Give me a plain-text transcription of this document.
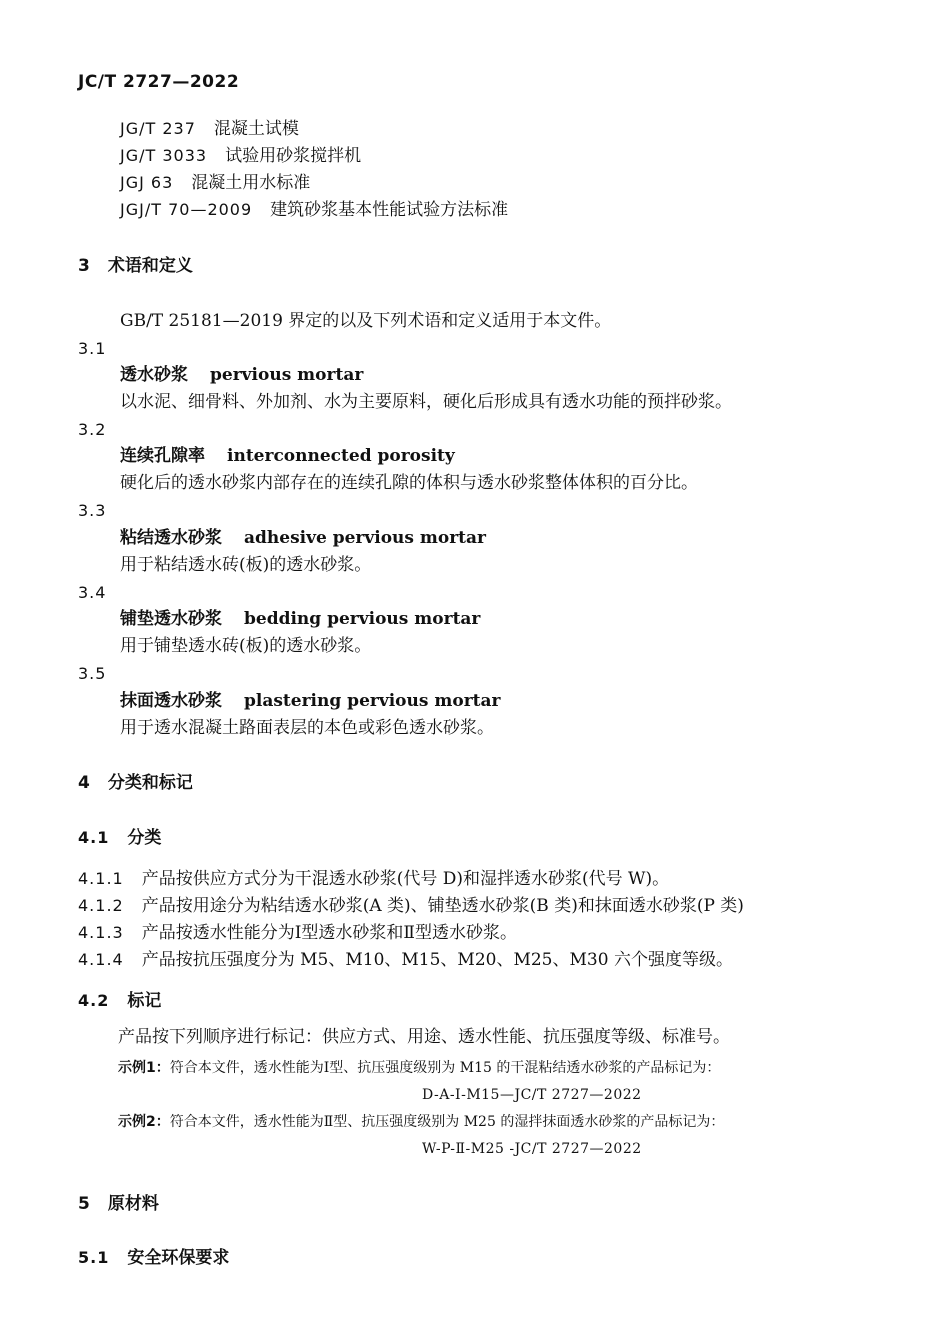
JC/T 2727—2022
JG/T 237 混凝土试模
JG/T 3033 试验用砂浆搅拌机
JGJ 63 混凝土用水标准
JGJ/T 70—2009 建筑砂浆基本性能试验方法标准
3 术语和定义
GB/T 25181—2019 界定的以及下列术语和定义适用于本文件。
3.1
透水砂浆 pervious mortar
以水泥、细骨料、外加剂、水为主要原料，硬化后形成具有透水功能的预拌砂浆。
3.2
连续孔隙率 interconnected porosity
硬化后的透水砂浆内部存在的连续孔隙的体积与透水砂浆整体体积的百分比。
3.3
粘结透水砂浆 adhesive pervious mortar
用于粘结透水砖(板)的透水砂浆。
3.4
铺垫透水砂浆 bedding pervious mortar
用于铺垫透水砖(板)的透水砂浆。
3.5
抹面透水砂浆 plastering pervious mortar
用于透水混凝土路面表层的本色或彩色透水砂浆。
4 分类和标记
4.1 分类
4.1.1 产品按供应方式分为干混透水砂浆(代号 D)和湿拌透水砂浆(代号 W)。
4.1.2 产品按用途分为粘结透水砂浆(A 类)、铺垫透水砂浆(B 类)和抹面透水砂浆(P 类)
4.1.3 产品按透水性能分为Ⅰ型透水砂浆和Ⅱ型透水砂浆。
4.1.4 产品按抗压强度分为 M5、M10、M15、M20、M25、M30 六个强度等级。
4.2 标记
产品按下列顺序进行标记：供应方式、用途、透水性能、抗压强度等级、标准号。
示例1：符合本文件，透水性能为Ⅰ型、抗压强度级别为 M15 的干混粘结透水砂浆的产品标记为：
D-A-Ⅰ-M15—JC/T 2727—2022
示例2：符合本文件，透水性能为Ⅱ型、抗压强度级别为 M25 的湿拌抹面透水砂浆的产品标记为：
W-P-Ⅱ-M25 -JC/T 2727—2022
5 原材料
5.1 安全环保要求
